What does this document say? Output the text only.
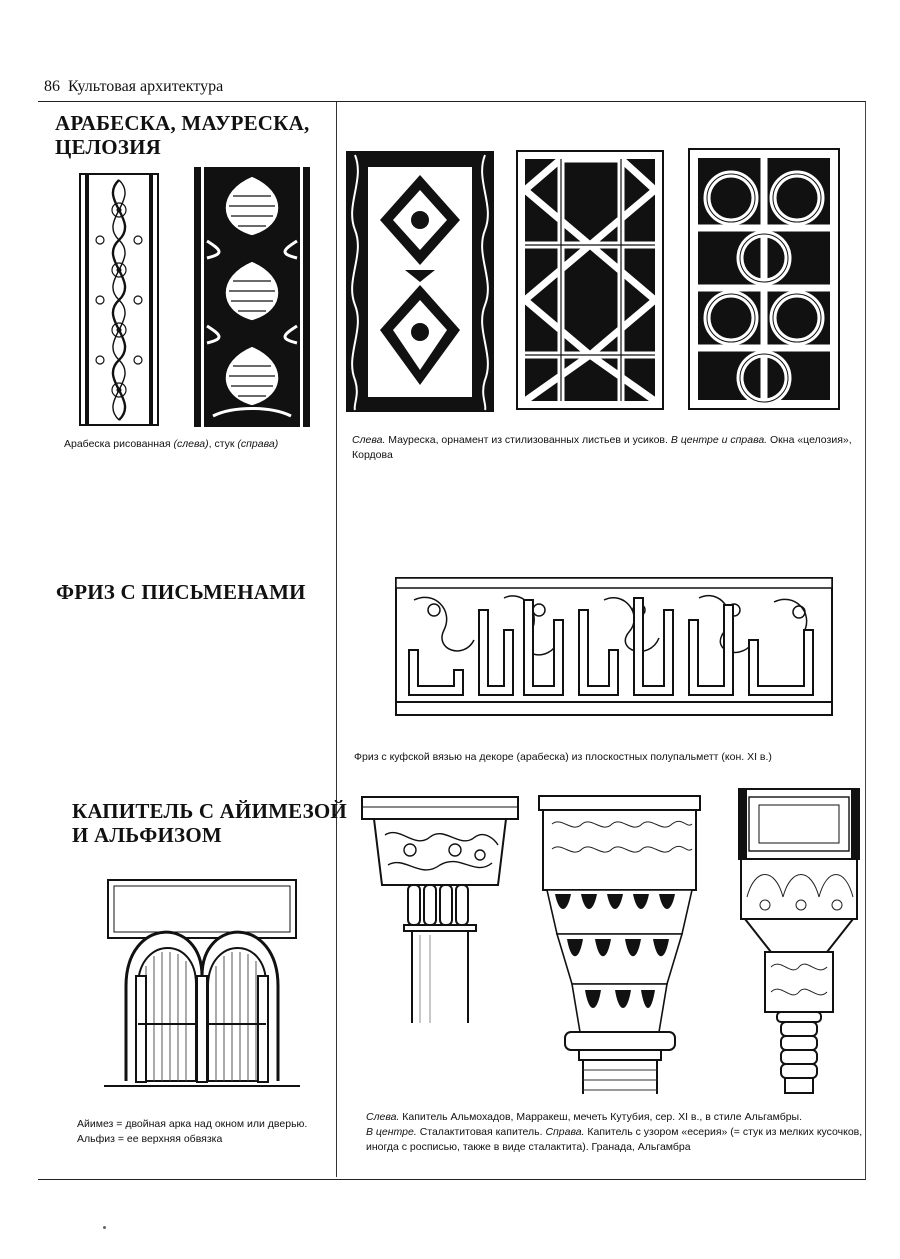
86 Культовая архитектура
АРАБЕСКА, МАУРЕСКА,
ЦЕЛОЗИЯ
Арабеска рисованная (слева), стук (справа)	Слева. Мауреска, орнамент из стилизованных листьев и усиков. В центре и справа. Окна «целозия»,
Кордова
ФРИЗ С ПИСЬМЕНАМИ
Фриз с куфской вязью на декоре (арабеска) из плоскостных полупальметт (кон. XI в.)
КАПИТЕЛЬ С АЙИМЕЗОЙ
И АЛЬФИЗОМ
Айимез = двойная арка над окном или дверью.
Альфиз = ее верхняя обвязка
Слева. Капитель Альмохадов, Марракеш, мечеть Кутубия, сер. XI в., в стиле Альгамбры.
В центре. Сталактитовая капитель. Справа. Капитель с узором «есерия» (= стук из мелких кусочков,
иногда с росписью, также в виде сталактита). Гранада, Альгамбра
